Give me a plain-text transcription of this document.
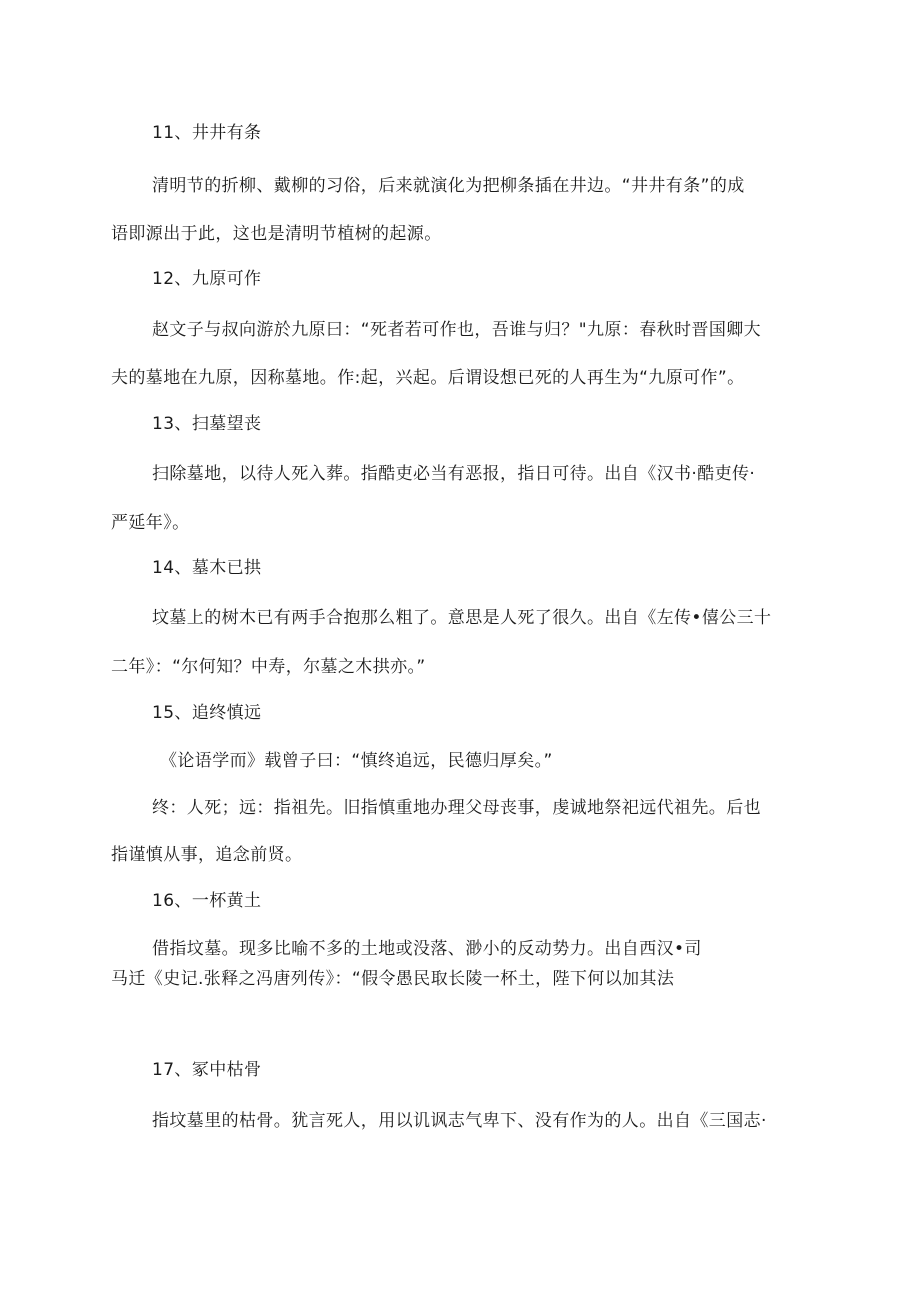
11、井井有条
清明节的折柳、戴柳的习俗，后来就演化为把柳条插在井边。“井井有条”的成
语即源出于此，这也是清明节植树的起源。
12、九原可作
赵文子与叔向游於九原曰：“死者若可作也，吾谁与归？"九原：春秋时晋国卿大
夫的墓地在九原，因称墓地。作:起，兴起。后谓设想已死的人再生为“九原可作”。
13、扫墓望丧
扫除墓地，以待人死入葬。指酷吏必当有恶报，指日可待。出自《汉书·酷吏传·
严延年》。
14、墓木已拱
坟墓上的树木已有两手合抱那么粗了。意思是人死了很久。出自《左传•僖公三十
二年》：“尔何知？中寿，尔墓之木拱亦。”
15、追终慎远
《论语学而》载曾子曰：“慎终追远，民德归厚矣。”
终：人死；远：指祖先。旧指慎重地办理父母丧事，虔诚地祭祀远代祖先。后也
指谨慎从事，追念前贤。
16、一杯黄土
借指坟墓。现多比喻不多的土地或没落、渺小的反动势力。出自西汉•司
马迁《史记.张释之冯唐列传》：“假令愚民取长陵一杯土，陛下何以加其法
17、冢中枯骨
指坟墓里的枯骨。犹言死人，用以讥讽志气卑下、没有作为的人。出自《三国志·
